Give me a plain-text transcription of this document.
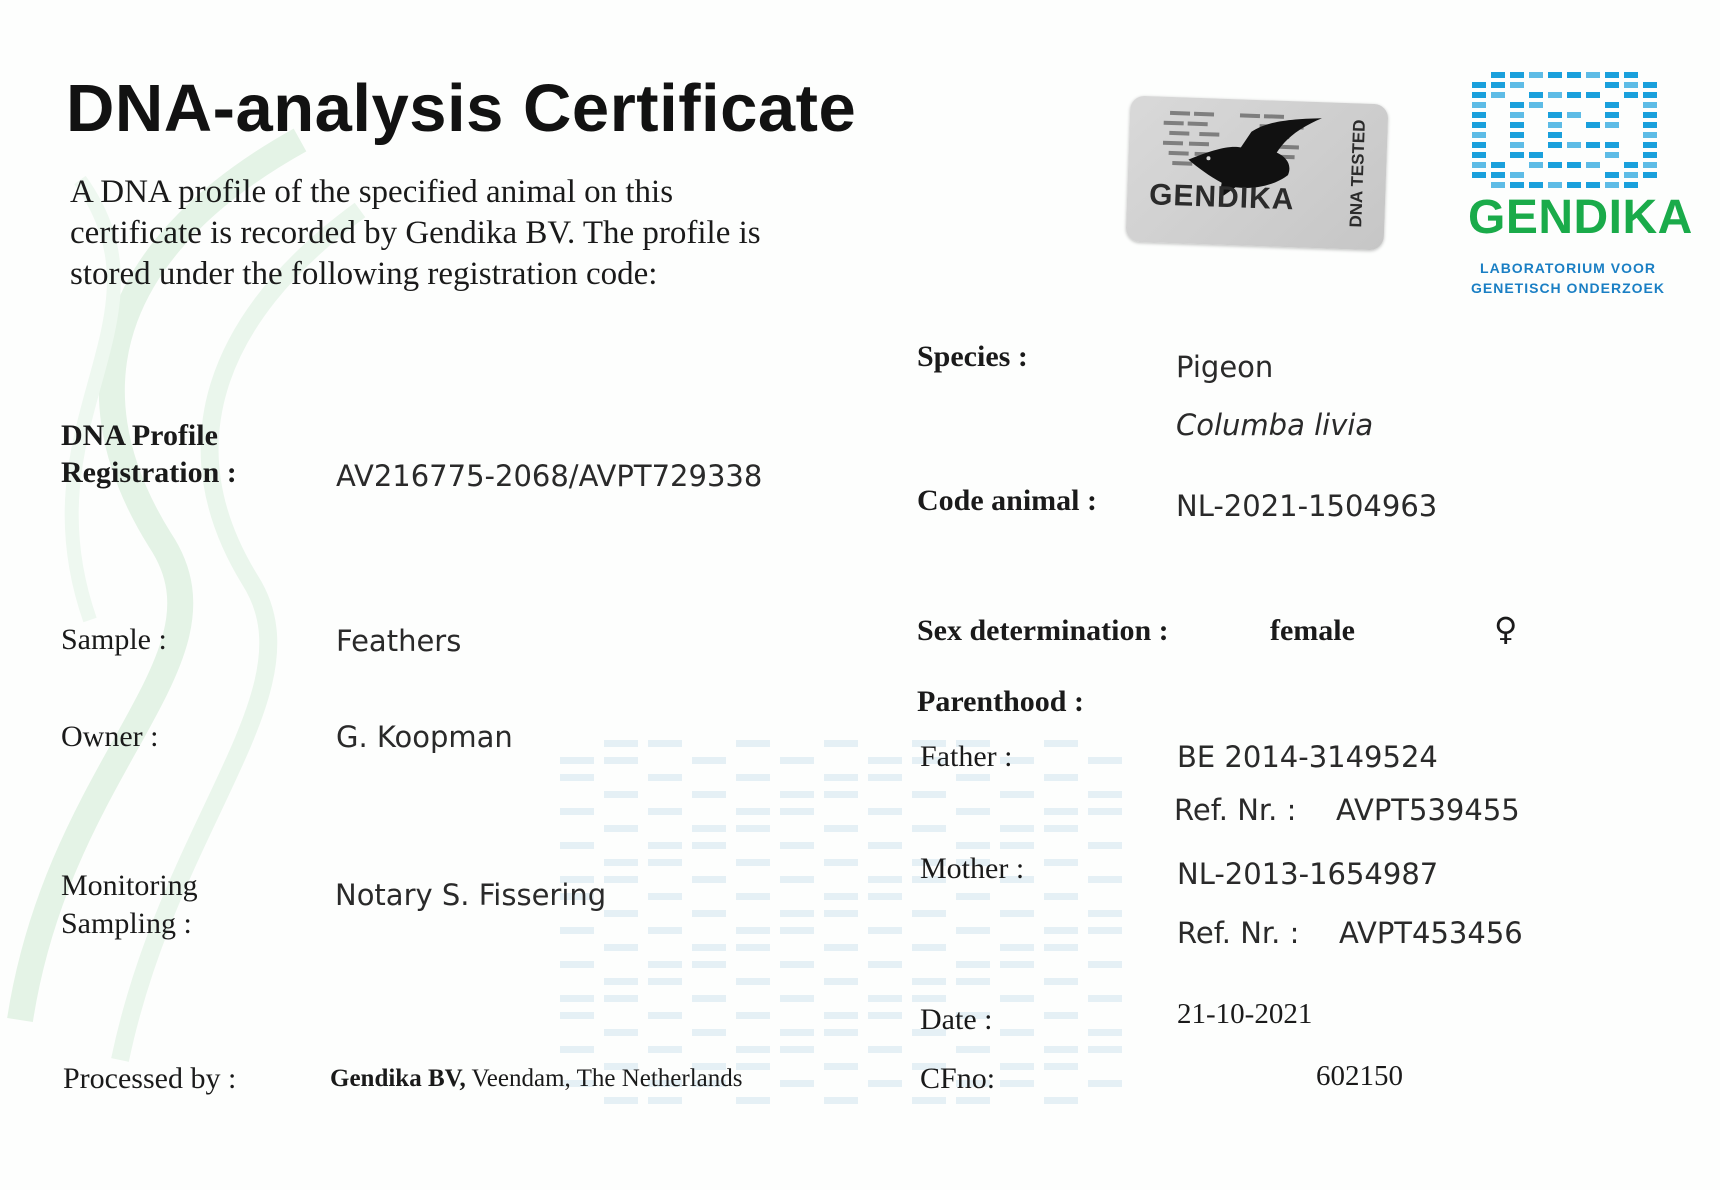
DNA-analysis Certificate
A DNA profile of the specified animal on this certificate is recorded by Gendika BV. The profile is stored under the following registration code:
GENDIKA	DNA TESTED GENDIKA
LABORATORIUM VOOR
GENETISCH ONDERZOEK
DNA Profile
Registration :	AV216775-2068/AVPT729338
Sample :	Feathers
Owner :	G. Koopman
Monitoring
Sampling :
Notary S. Fissering
Processed by :	Gendika BV, Veendam, The Netherlands
Species :	Pigeon
Columba livia
Code animal :	NL-2021-1504963
Sex determination :	female	♀
Parenthood :
Father :	BE 2014-3149524
Ref. Nr. : AVPT539455
Mother :	NL-2013-1654987
Ref. Nr. : AVPT453456
Date :	21-10-2021
CFno:	602150
